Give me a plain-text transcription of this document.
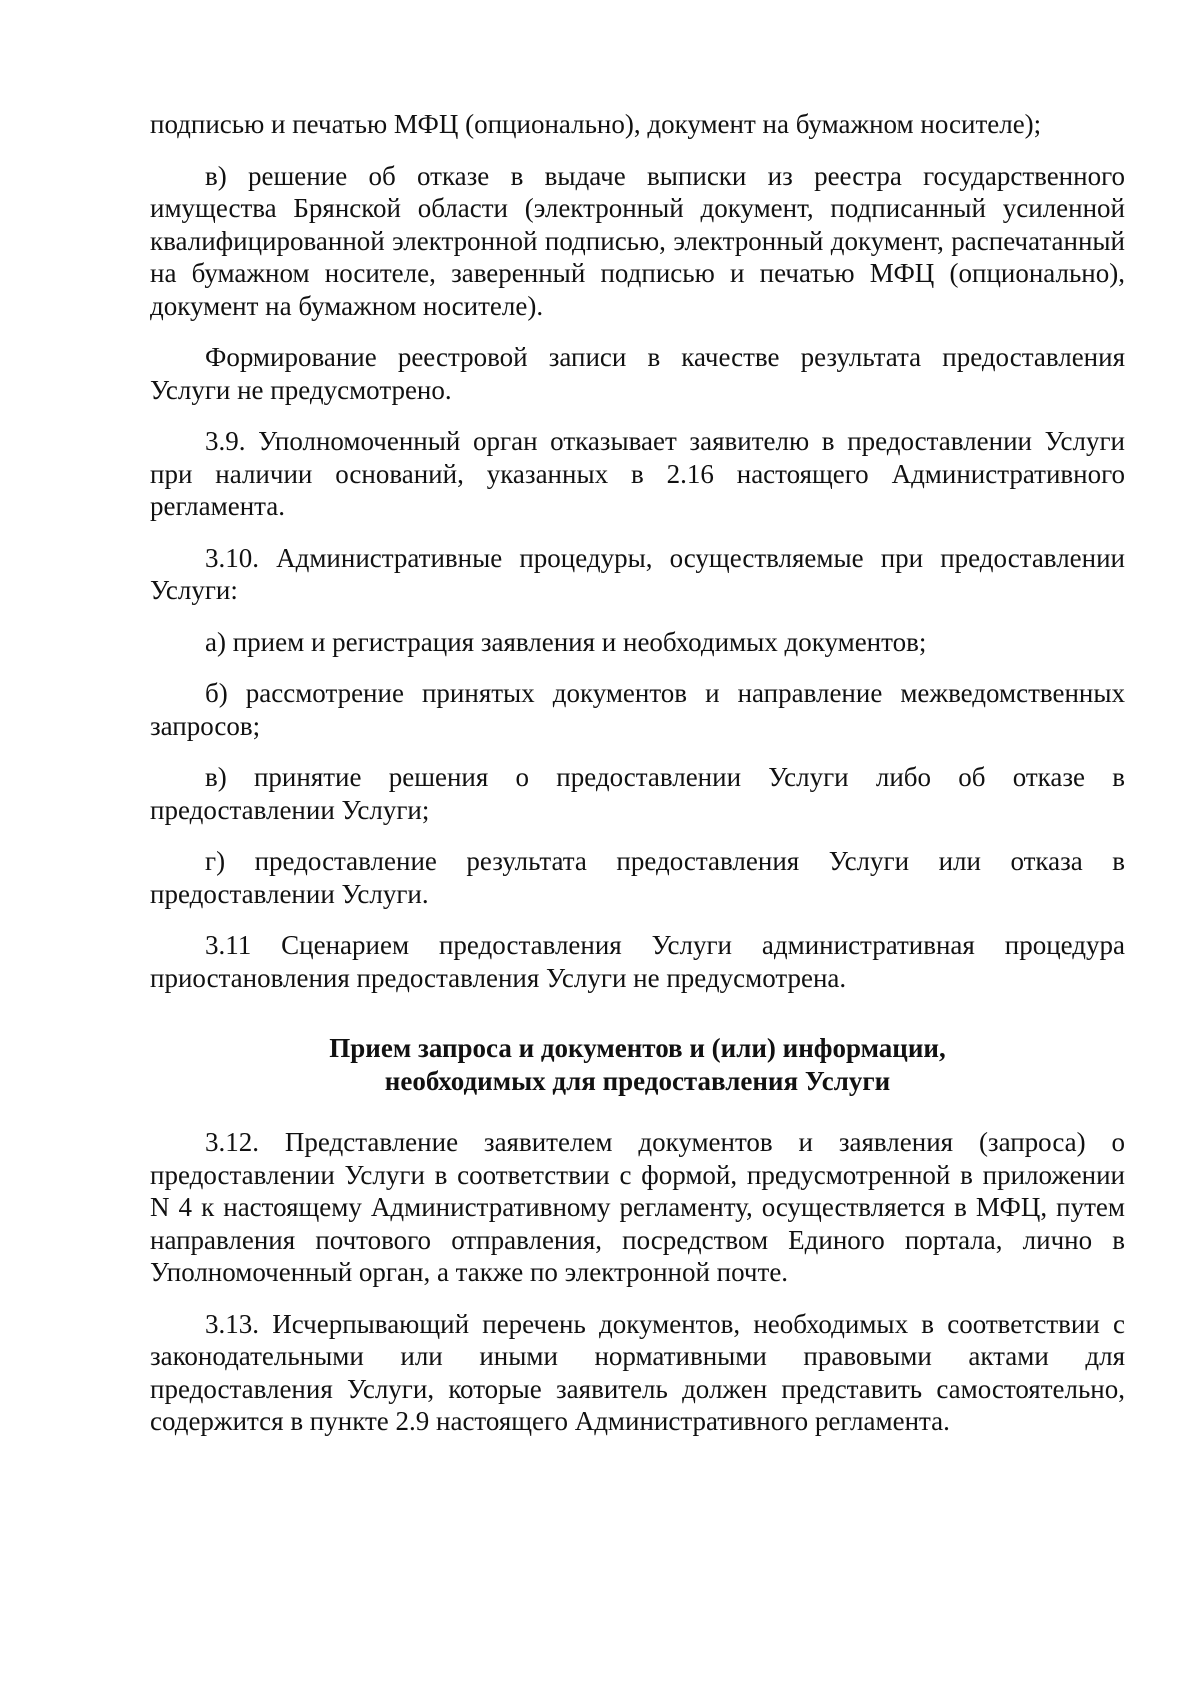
подписью и печатью МФЦ (опционально), документ на бумажном носителе);

в) решение об отказе в выдаче выписки из реестра государственного имущества Брянской области (электронный документ, подписанный усиленной квалифицированной электронной подписью, электронный документ, распечатанный на бумажном носителе, заверенный подписью и печатью МФЦ (опционально), документ на бумажном носителе).

Формирование реестровой записи в качестве результата предоставления Услуги не предусмотрено.

3.9. Уполномоченный орган отказывает заявителю в предоставлении Услуги при наличии оснований, указанных в 2.16 настоящего Административного регламента.

3.10. Административные процедуры, осуществляемые при предоставлении Услуги:

а) прием и регистрация заявления и необходимых документов;

б) рассмотрение принятых документов и направление межведомственных запросов;

в) принятие решения о предоставлении Услуги либо об отказе в предоставлении Услуги;

г) предоставление результата предоставления Услуги или отказа в предоставлении Услуги.

3.11 Сценарием предоставления Услуги административная процедура приостановления предоставления Услуги не предусмотрена.

Прием запроса и документов и (или) информации,
необходимых для предоставления Услуги

3.12. Представление заявителем документов и заявления (запроса) о предоставлении Услуги в соответствии с формой, предусмотренной в приложении N 4 к настоящему Административному регламенту, осуществляется в МФЦ, путем направления почтового отправления, посредством Единого портала, лично в Уполномоченный орган, а также по электронной почте.

3.13. Исчерпывающий перечень документов, необходимых в соответствии с законодательными или иными нормативными правовыми актами для предоставления Услуги, которые заявитель должен представить самостоятельно, содержится в пункте 2.9 настоящего Административного регламента.
